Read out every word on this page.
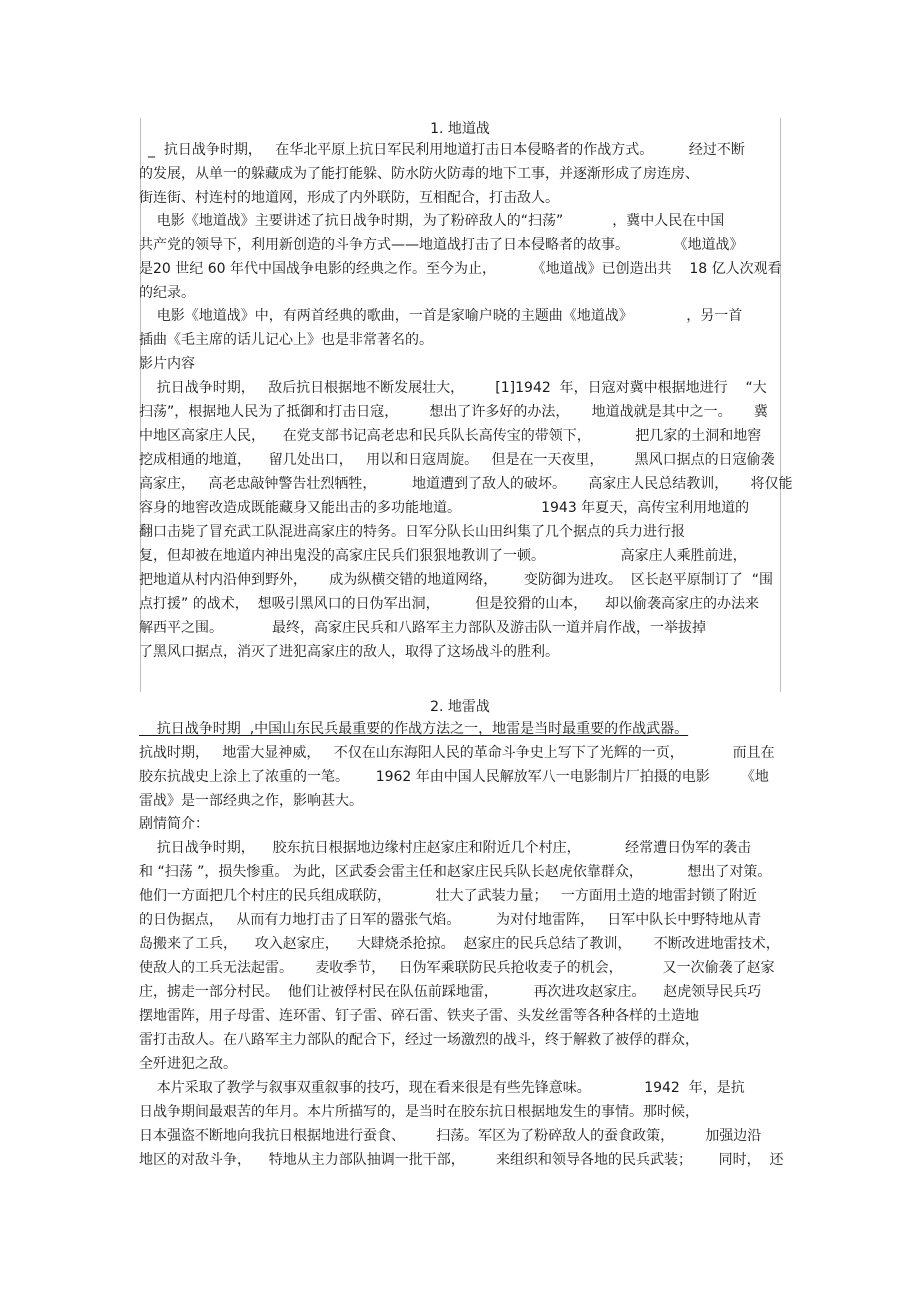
1. 地道战
_  抗日战争时期，   在华北平原上抗日军民利用地道打击日本侵略者的作战方式。        经过不断
的发展，从单一的躲藏成为了能打能躲、防水防火防毒的地下工事，并逐渐形成了房连房、
街连街、村连村的地道网，形成了内外联防，互相配合，打击敌人。
电影《地道战》主要讲述了抗日战争时期，为了粉碎敌人的“扫荡”           ，冀中人民在中国
共产党的领导下，利用新创造的斗争方式——地道战打击了日本侵略者的故事。          《地道战》
是20 世纪 60 年代中国战争电影的经典之作。至今为止，        《地道战》已创造出共    18 亿人次观看
的纪录。
电影《地道战》中，有两首经典的歌曲，一首是家喻户晓的主题曲《地道战》            ，另一首
插曲《毛主席的话儿记心上》也是非常著名的。
影片内容
抗日战争时期，   敌后抗日根据地不断发展壮大，       [1]1942  年，日寇对冀中根据地进行    “大
扫荡”，根据地人民为了抵御和打击日寇，       想出了许多好的办法，     地道战就是其中之一。     冀
中地区高家庄人民，    在党支部书记高老忠和民兵队长高传宝的带领下，          把几家的土洞和地窖
挖成相通的地道，    留几处出口，   用以和日寇周旋。   但是在一天夜里，       黑风口据点的日寇偷袭
高家庄，   高老忠敲钟警告壮烈牺牲，        地道遭到了敌人的破坏。     高家庄人民总结教训，     将仅能
容身的地窖改造成既能藏身又能出击的多功能地道。                  1943 年夏天，高传宝利用地道的
翻口击毙了冒充武工队混进高家庄的特务。日军分队长山田纠集了几个据点的兵力进行报
复，但却被在地道内神出鬼没的高家庄民兵们狠狠地教训了一顿。                 高家庄人乘胜前进，
把地道从村内沿伸到野外，     成为纵横交错的地道网络，      变防御为进攻。  区长赵平原制订了  “围
点打援” 的战术，  想吸引黑风口的日伪军出洞，        但是狡猾的山本，    却以偷袭高家庄的办法来
解西平之围。           最终，高家庄民兵和八路军主力部队及游击队一道并肩作战，一举拔掉
了黑风口据点，消灭了进犯高家庄的敌人，取得了这场战斗的胜利。
2. 地雷战
抗日战争时期  ,中国山东民兵最重要的作战方法之一，地雷是当时最重要的作战武器。
抗战时期，   地雷大显神威，   不仅在山东海阳人民的革命斗争史上写下了光辉的一页，           而且在
胶东抗战史上涂上了浓重的一笔。      1962 年由中国人民解放军八一电影制片厂拍摄的电影       《地
雷战》是一部经典之作，影响甚大。
剧情简介：
抗日战争时期，    胶东抗日根据地边缘村庄赵家庄和附近几个村庄，          经常遭日伪军的袭击
和 “扫荡 ”，损失惨重。 为此，区武委会雷主任和赵家庄民兵队长赵虎依靠群众，          想出了对策。
他们一方面把几个村庄的民兵组成联防，          壮大了武装力量；   一方面用土造的地雷封锁了附近
的日伪据点，   从而有力地打击了日军的嚣张气焰。        为对付地雷阵，   日军中队长中野特地从青
岛搬来了工兵，    攻入赵家庄，    大肆烧杀抢掠。  赵家庄的民兵总结了教训，     不断改进地雷技术，
使敌人的工兵无法起雷。     麦收季节，   日伪军乘联防民兵抢收麦子的机会，         又一次偷袭了赵家
庄，掳走一部分村民。  他们让被俘村民在队伍前踩地雷，        再次进攻赵家庄。    赵虎领导民兵巧
摆地雷阵，用子母雷、连环雷、钉子雷、碎石雷、铁夹子雷、头发丝雷等各种各样的土造地
雷打击敌人。在八路军主力部队的配合下，经过一场激烈的战斗，终于解救了被俘的群众，
全歼进犯之敌。
本片采取了教学与叙事双重叙事的技巧，现在看来很是有些先锋意味。            1942  年，是抗
日战争期间最艰苦的年月。本片所描写的，是当时在胶东抗日根据地发生的事情。那时候，
日本强盗不断地向我抗日根据地进行蚕食、       扫荡。军区为了粉碎敌人的蚕食政策，       加强边沿
地区的对敌斗争，    特地从主力部队抽调一批干部，       来组织和领导各地的民兵武装；      同时，  还
